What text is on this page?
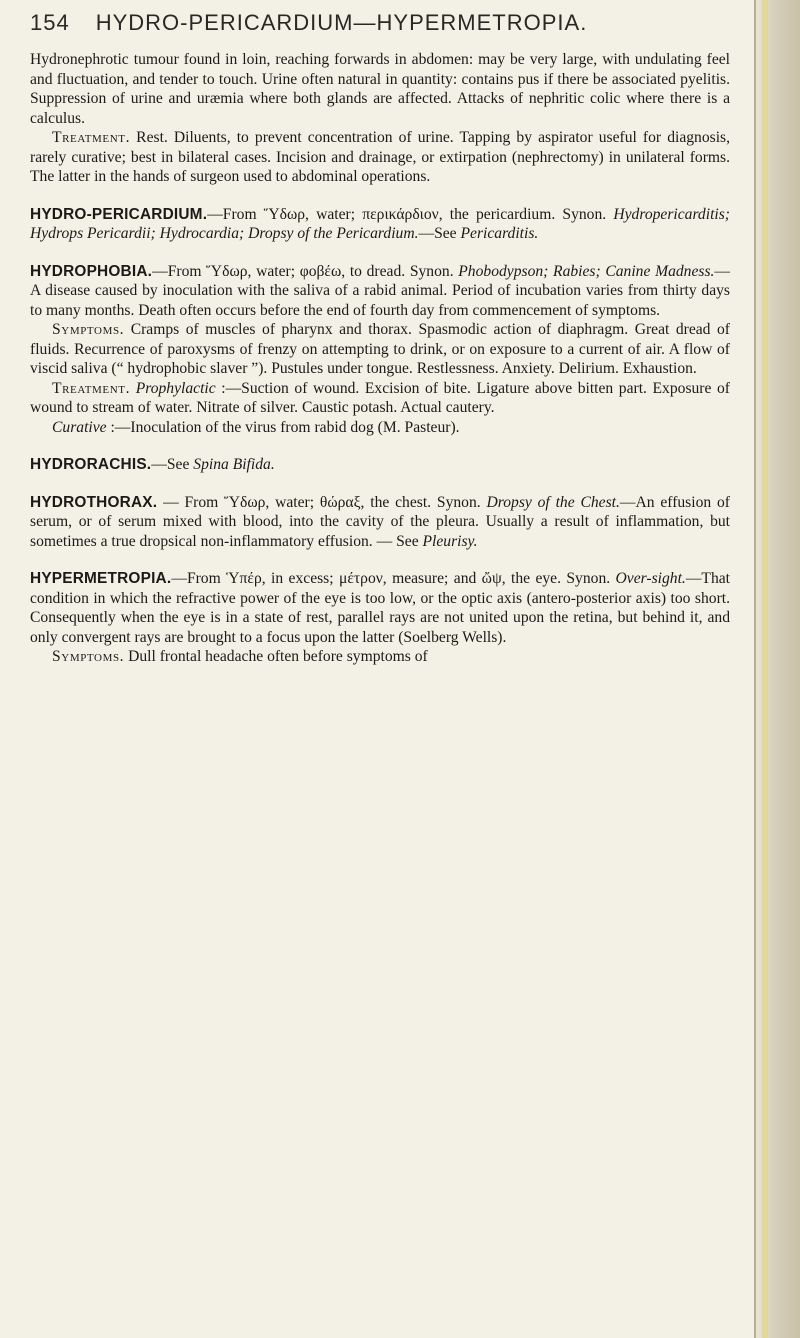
154 HYDRO-PERICARDIUM—HYPERMETROPIA.

Hydronephrotic tumour found in loin, reaching forwards in abdomen: may be very large, with undulating feel and fluctuation, and tender to touch. Urine often natural in quantity: contains pus if there be associated pyelitis. Suppression of urine and uræmia where both glands are affected. Attacks of nephritic colic where there is a calculus.

Treatment. Rest. Diluents, to prevent concentration of urine. Tapping by aspirator useful for diagnosis, rarely curative; best in bilateral cases. Incision and drainage, or extirpation (nephrectomy) in unilateral forms. The latter in the hands of surgeon used to abdominal operations.

HYDRO-PERICARDIUM.—From Ὕδωρ, water; περικάρδιον, the pericardium. Synon. Hydropericarditis; Hydrops Pericardii; Hydrocardia; Dropsy of the Pericardium.—See Pericarditis.

HYDROPHOBIA.—From Ὕδωρ, water; φοβέω, to dread. Synon. Phobodypson; Rabies; Canine Madness.—A disease caused by inoculation with the saliva of a rabid animal. Period of incubation varies from thirty days to many months. Death often occurs before the end of fourth day from commencement of symptoms.

Symptoms. Cramps of muscles of pharynx and thorax. Spasmodic action of diaphragm. Great dread of fluids. Recurrence of paroxysms of frenzy on attempting to drink, or on exposure to a current of air. A flow of viscid saliva (“ hydrophobic slaver ”). Pustules under tongue. Restlessness. Anxiety. Delirium. Exhaustion.

Treatment. Prophylactic :—Suction of wound. Excision of bite. Ligature above bitten part. Exposure of wound to stream of water. Nitrate of silver. Caustic potash. Actual cautery.

Curative :—Inoculation of the virus from rabid dog (M. Pasteur).

HYDRORACHIS.—See Spina Bifida.

HYDROTHORAX. — From Ὕδωρ, water; θώραξ, the chest. Synon. Dropsy of the Chest.—An effusion of serum, or of serum mixed with blood, into the cavity of the pleura. Usually a result of inflammation, but sometimes a true dropsical non-inflammatory effusion. — See Pleurisy.

HYPERMETROPIA.—From Ὑπέρ, in excess; μέτρον, measure; and ὤψ, the eye. Synon. Over-sight.—That condition in which the refractive power of the eye is too low, or the optic axis (antero-posterior axis) too short. Consequently when the eye is in a state of rest, parallel rays are not united upon the retina, but behind it, and only convergent rays are brought to a focus upon the latter (Soelberg Wells).

Symptoms. Dull frontal headache often before symptoms of
